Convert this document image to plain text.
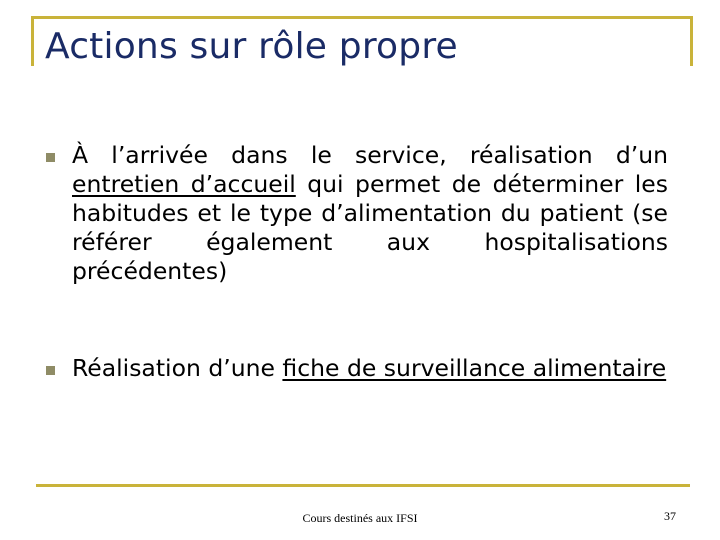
Actions sur rôle propre

À l’arrivée dans le service, réalisation d’un entretien d’accueil qui permet de déterminer les habitudes et le type d’alimentation du patient (se référer également aux hospitalisations précédentes)

Réalisation d’une fiche de surveillance alimentaire

Cours destinés aux IFSI	37
